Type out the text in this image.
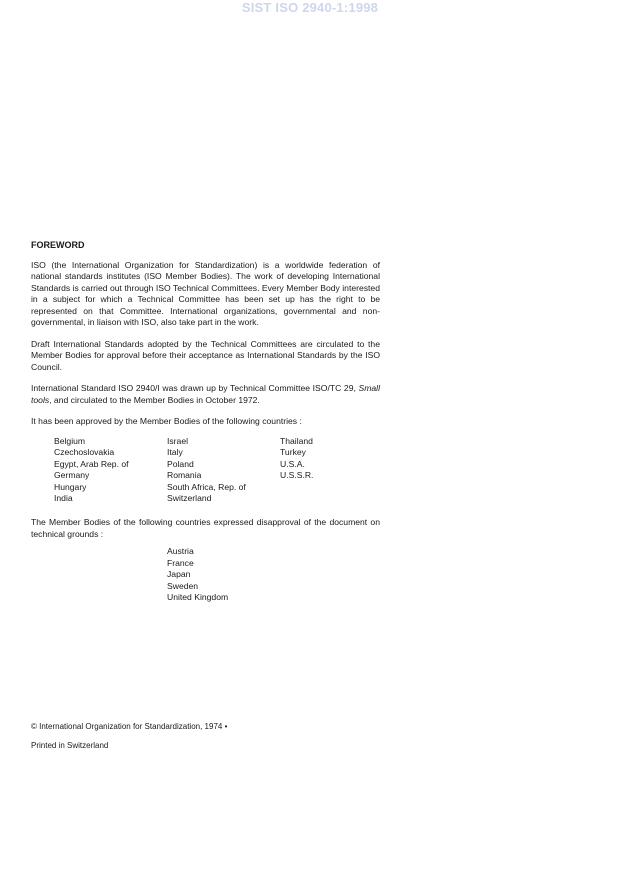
SIST ISO 2940-1:1998
FOREWORD

ISO (the International Organization for Standardization) is a worldwide federation of national standards institutes (ISO Member Bodies). The work of developing International Standards is carried out through ISO Technical Committees. Every Member Body interested in a subject for which a Technical Committee has been set up has the right to be represented on that Committee. International organizations, governmental and non-governmental, in liaison with ISO, also take part in the work.

Draft International Standards adopted by the Technical Committees are circulated to the Member Bodies for approval before their acceptance as International Standards by the ISO Council.

International Standard ISO 2940/I was drawn up by Technical Committee ISO/TC 29, Small tools, and circulated to the Member Bodies in October 1972.

It has been approved by the Member Bodies of the following countries :

Belgium
Czechoslovakia
Egypt, Arab Rep. of
Germany
Hungary
India
Israel
Italy
Poland
Romania
South Africa, Rep. of
Switzerland
Thailand
Turkey
U.S.A.
U.S.S.R.

The Member Bodies of the following countries expressed disapproval of the document on technical grounds :

Austria
France
Japan
Sweden
United Kingdom
© International Organization for Standardization, 1974 •
Printed in Switzerland
